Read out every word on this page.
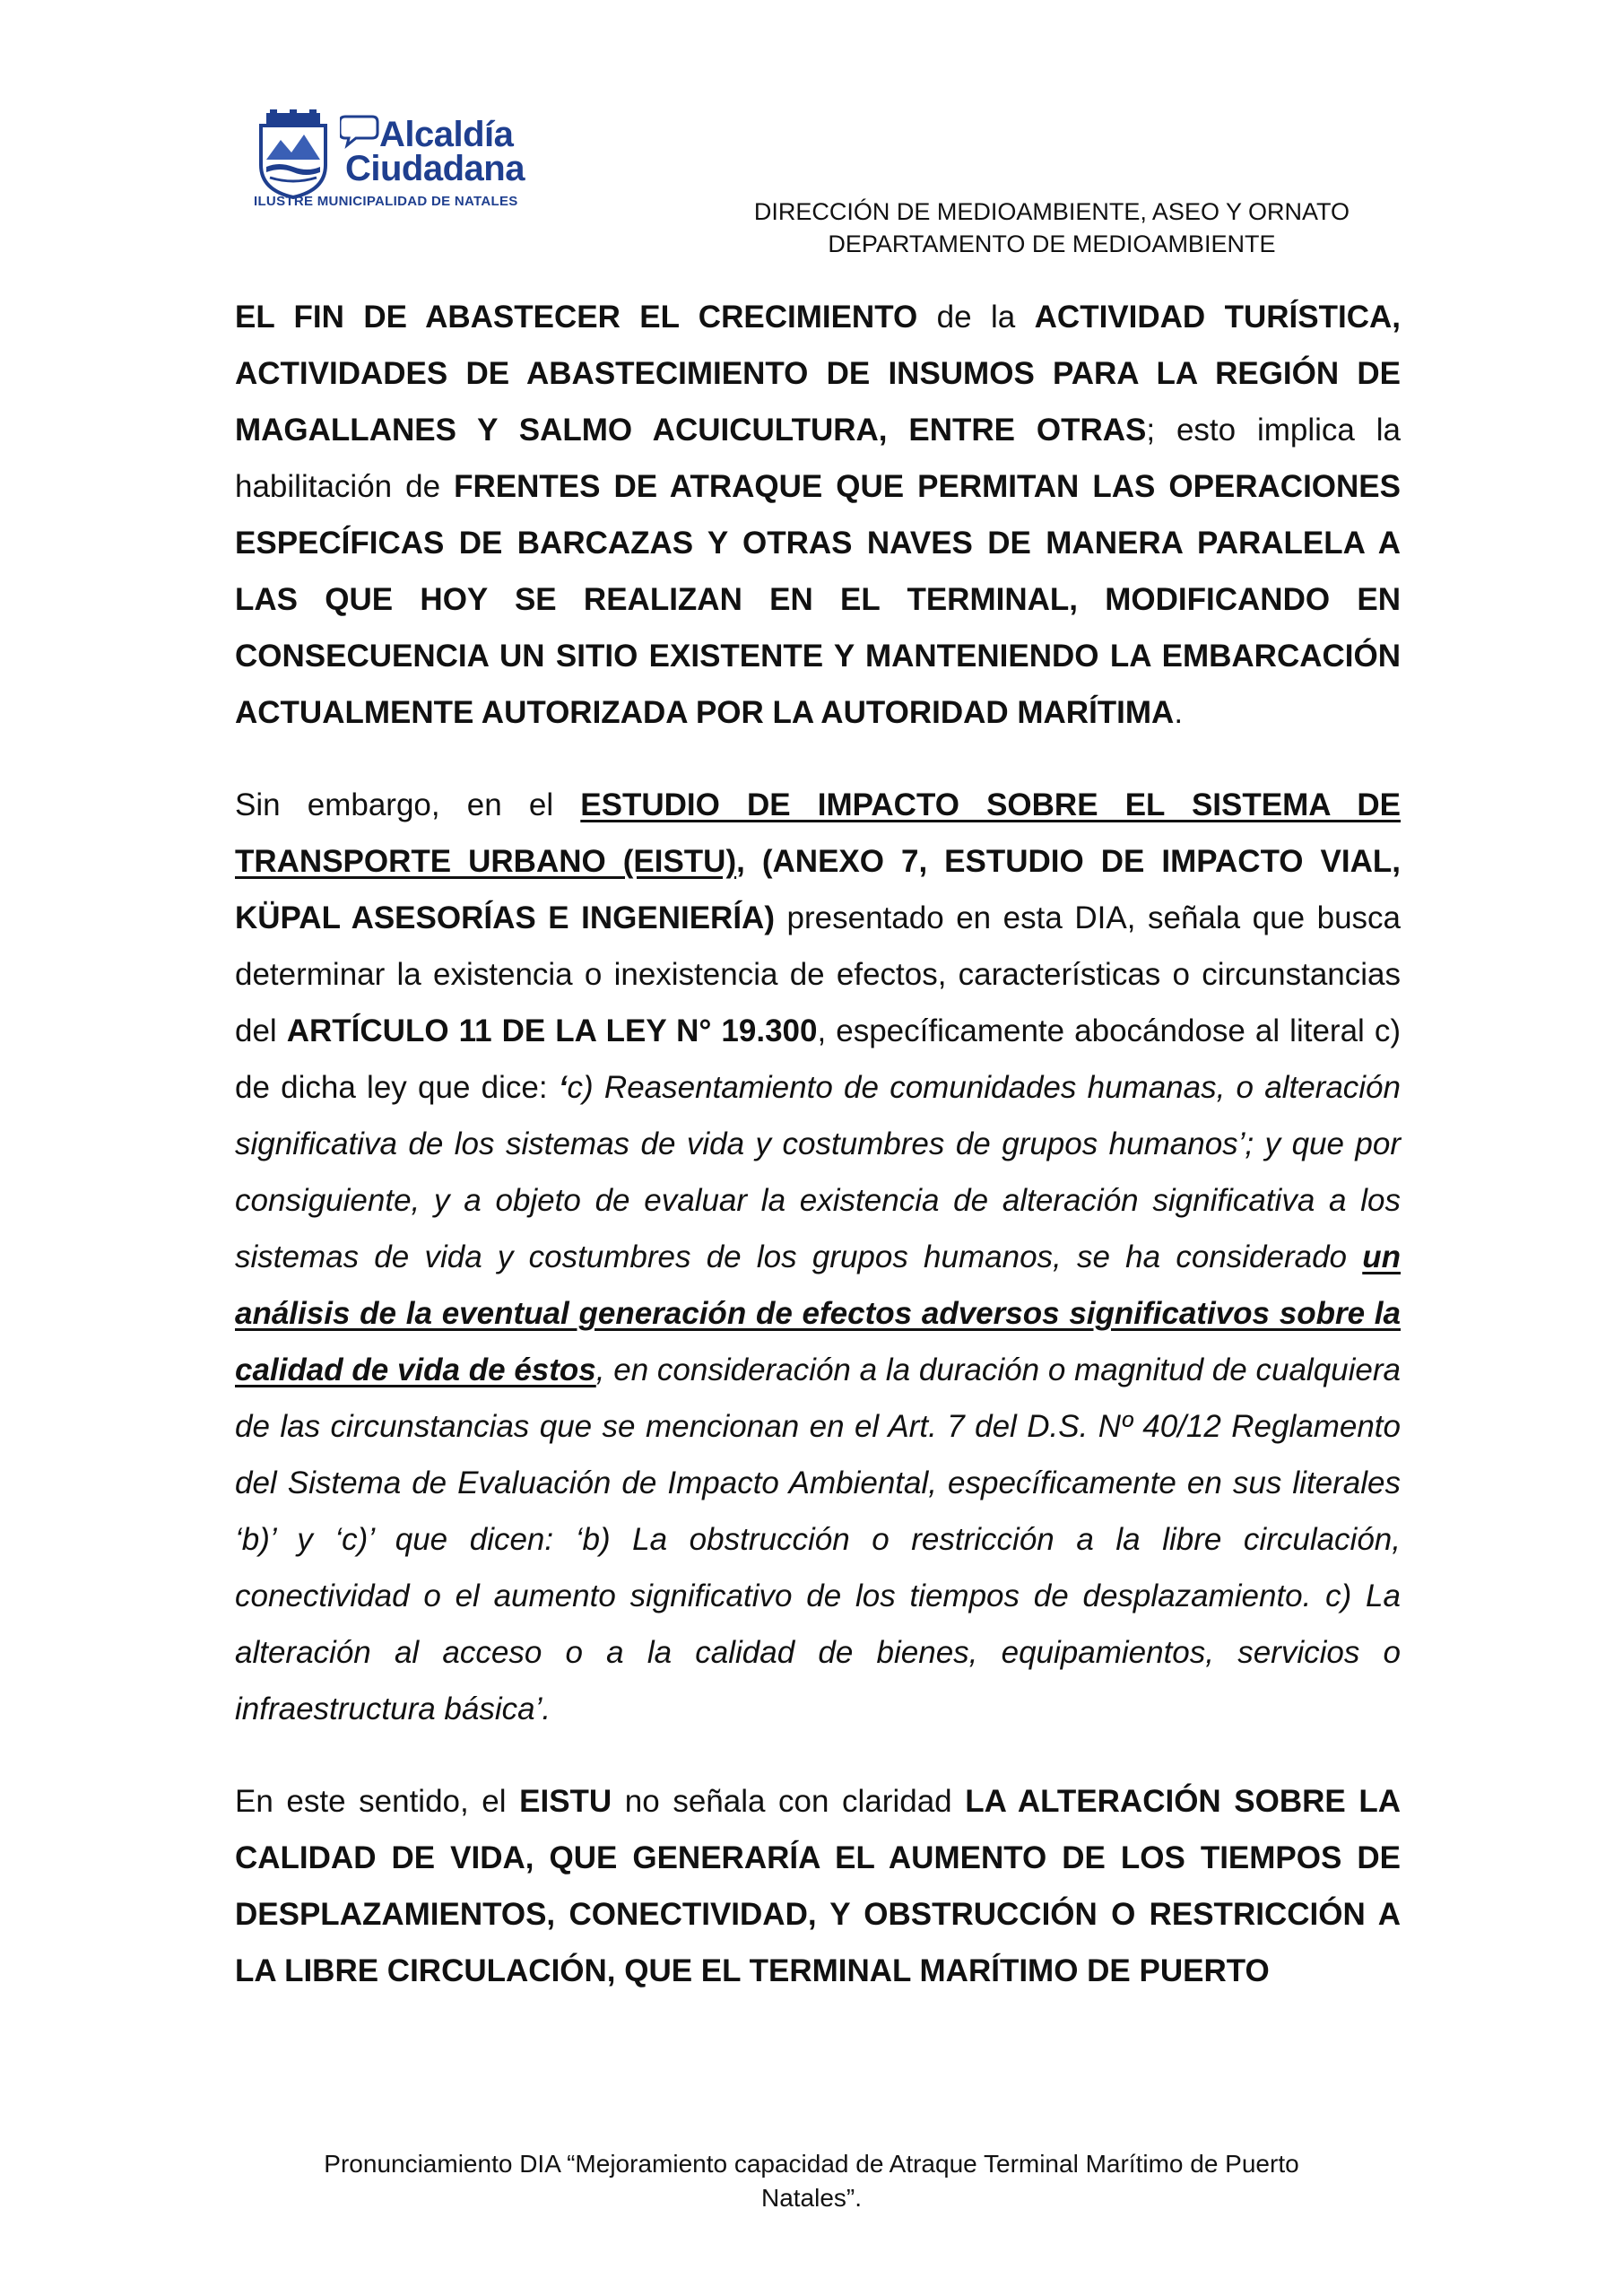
Alcaldía
Ciudadana
ILUSTRE MUNICIPALIDAD DE NATALES	DIRECCIÓN DE MEDIOAMBIENTE, ASEO Y ORNATO
DEPARTAMENTO DE MEDIOAMBIENTE

EL FIN DE ABASTECER EL CRECIMIENTO de la ACTIVIDAD TURÍSTICA, ACTIVIDADES DE ABASTECIMIENTO DE INSUMOS PARA LA REGIÓN DE MAGALLANES Y SALMO ACUICULTURA, ENTRE OTRAS; esto implica la habilitación de FRENTES DE ATRAQUE QUE PERMITAN LAS OPERACIONES ESPECÍFICAS DE BARCAZAS Y OTRAS NAVES DE MANERA PARALELA A LAS QUE HOY SE REALIZAN EN EL TERMINAL, MODIFICANDO EN CONSECUENCIA UN SITIO EXISTENTE Y MANTENIENDO LA EMBARCACIÓN ACTUALMENTE AUTORIZADA POR LA AUTORIDAD MARÍTIMA.

Sin embargo, en el ESTUDIO DE IMPACTO SOBRE EL SISTEMA DE TRANSPORTE URBANO (EISTU), (ANEXO 7, ESTUDIO DE IMPACTO VIAL, KÜPAL ASESORÍAS E INGENIERÍA) presentado en esta DIA, señala que busca determinar la existencia o inexistencia de efectos, características o circunstancias del ARTÍCULO 11 DE LA LEY N° 19.300, específicamente abocándose al literal c) de dicha ley que dice: ‘c) Reasentamiento de comunidades humanas, o alteración significativa de los sistemas de vida y costumbres de grupos humanos’; y que por consiguiente, y a objeto de evaluar la existencia de alteración significativa a los sistemas de vida y costumbres de los grupos humanos, se ha considerado un análisis de la eventual generación de efectos adversos significativos sobre la calidad de vida de éstos, en consideración a la duración o magnitud de cualquiera de las circunstancias que se mencionan en el Art. 7 del D.S. Nº 40/12 Reglamento del Sistema de Evaluación de Impacto Ambiental, específicamente en sus literales ‘b)’ y ‘c)’ que dicen: ‘b) La obstrucción o restricción a la libre circulación, conectividad o el aumento significativo de los tiempos de desplazamiento. c) La alteración al acceso o a la calidad de bienes, equipamientos, servicios o infraestructura básica’.

En este sentido, el EISTU no señala con claridad LA ALTERACIÓN SOBRE LA CALIDAD DE VIDA, QUE GENERARÍA EL AUMENTO DE LOS TIEMPOS DE DESPLAZAMIENTOS, CONECTIVIDAD, Y OBSTRUCCIÓN O RESTRICCIÓN A LA LIBRE CIRCULACIÓN, QUE EL TERMINAL MARÍTIMO DE PUERTO

Pronunciamiento DIA “Mejoramiento capacidad de Atraque Terminal Marítimo de Puerto
Natales”.
